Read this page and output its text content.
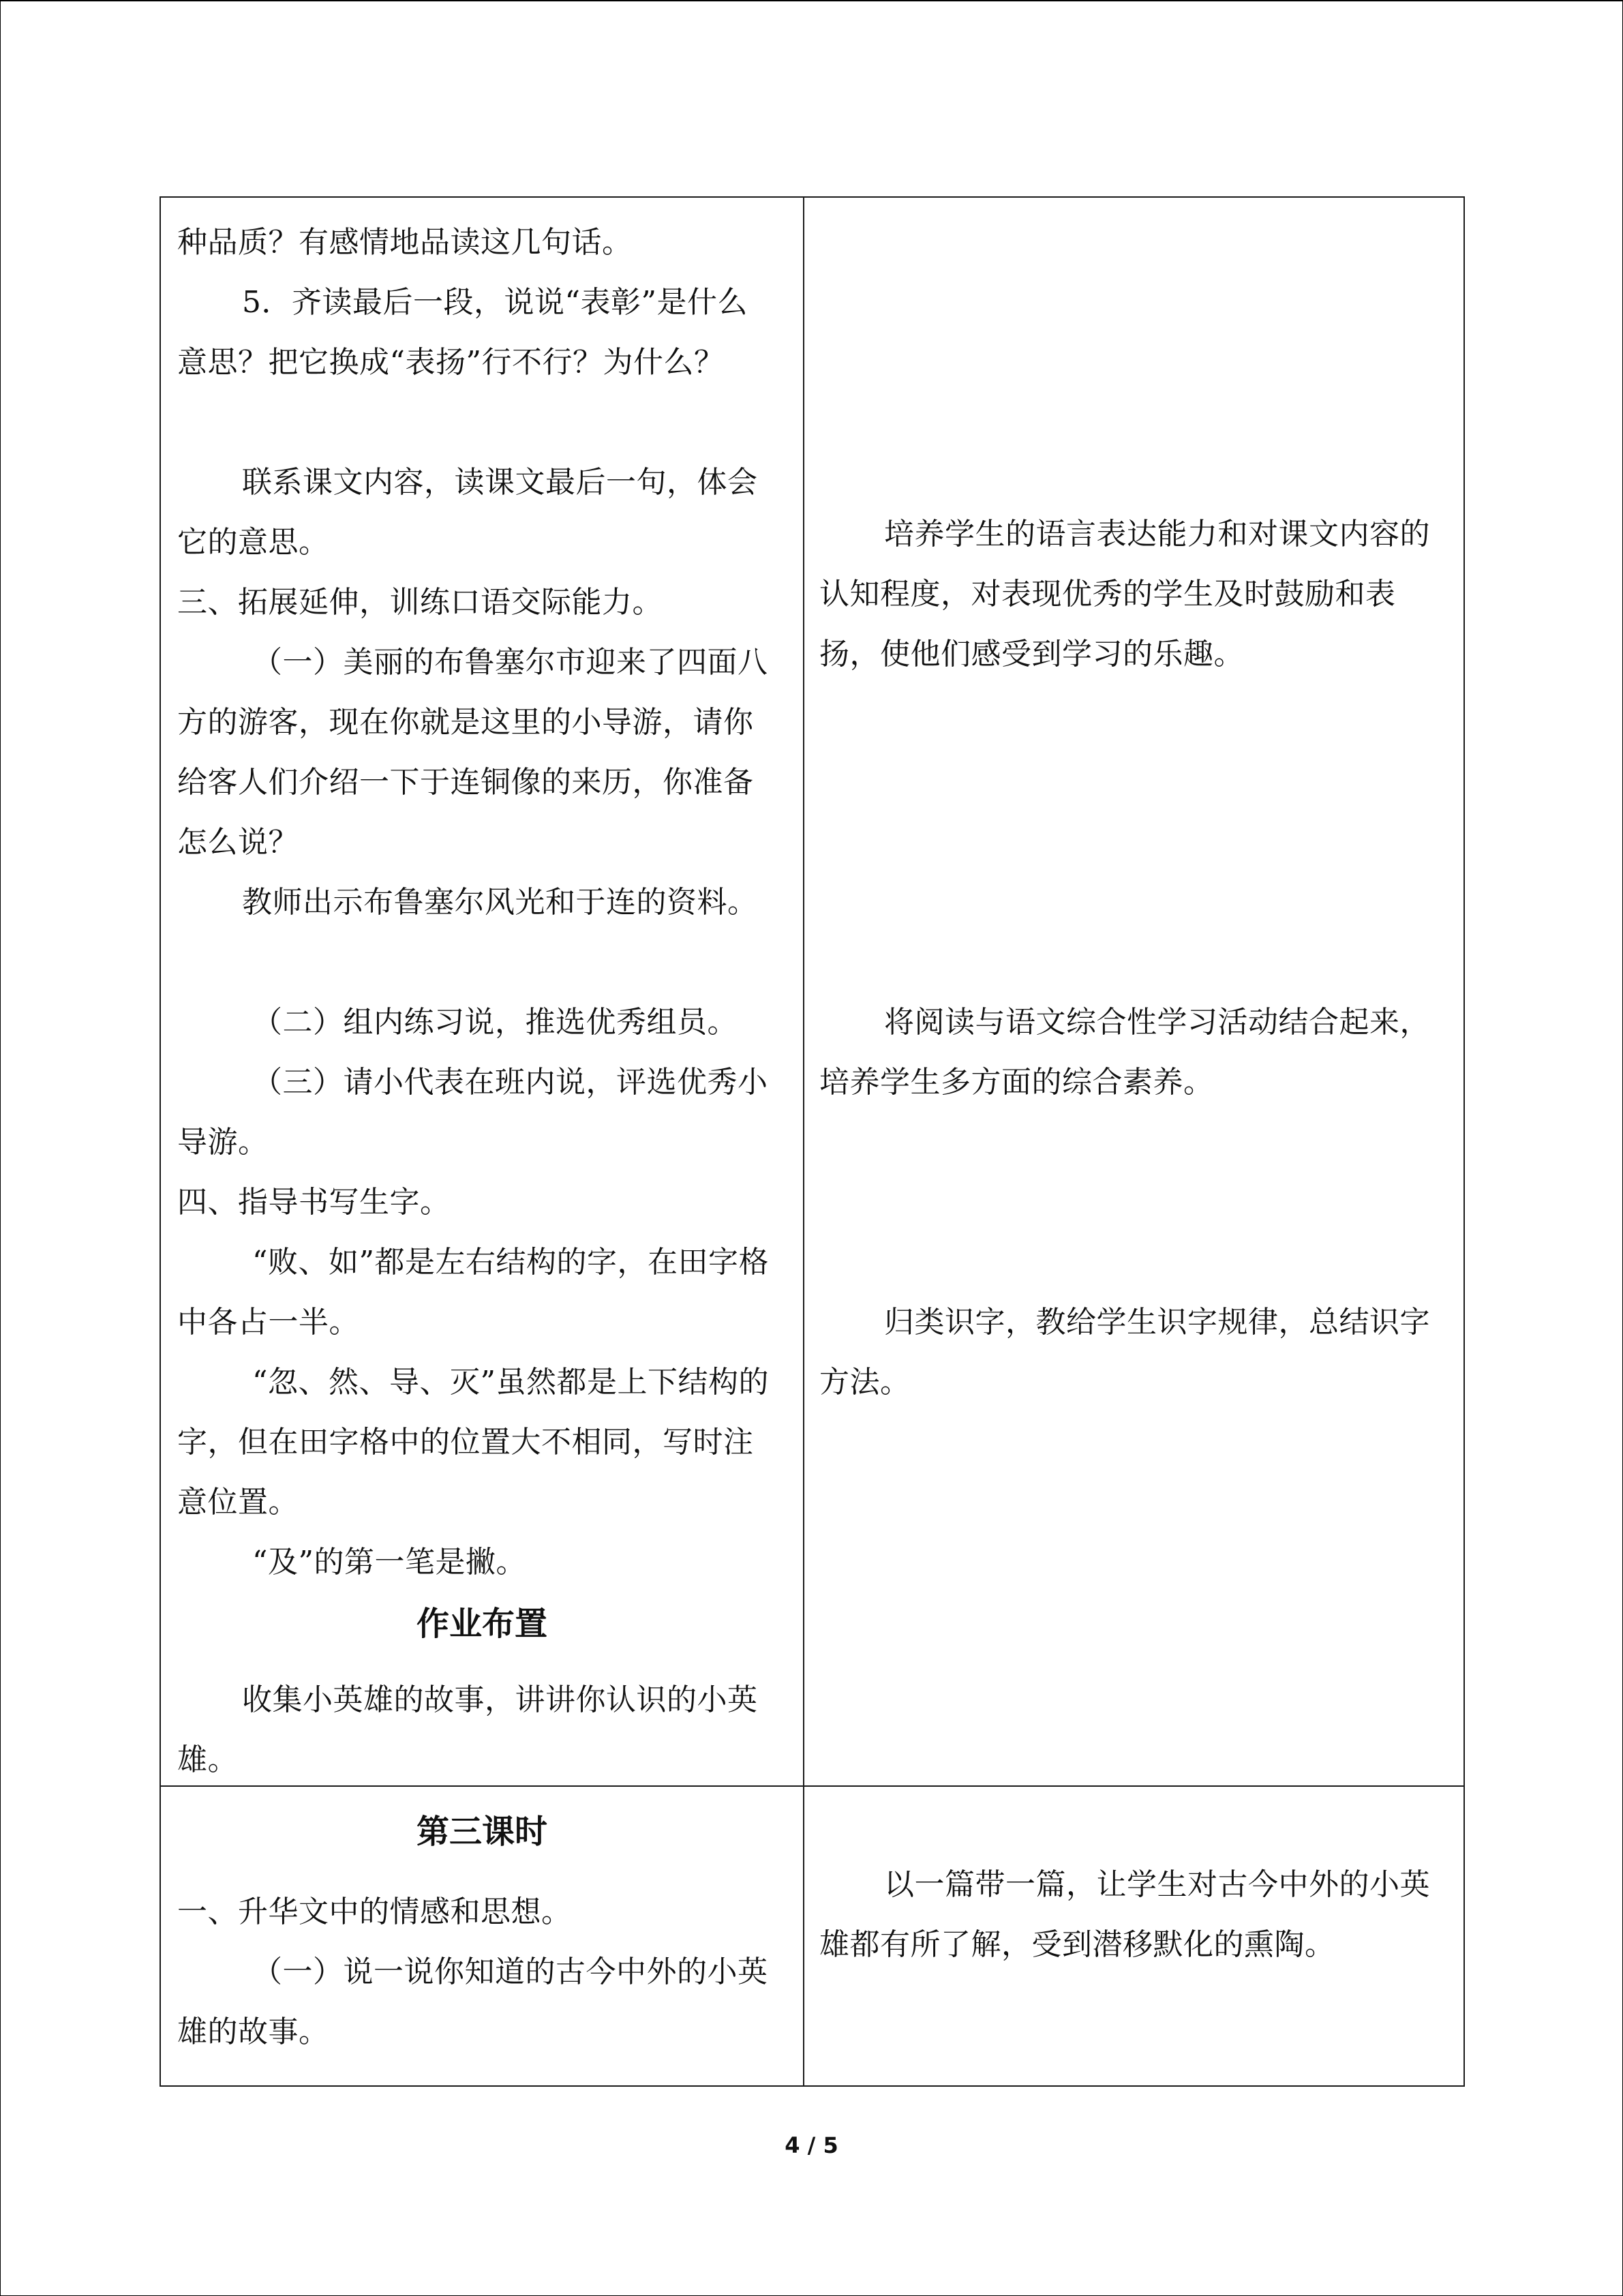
种品质？有感情地品读这几句话。

5．齐读最后一段，说说“表彰”是什么意思？把它换成“表扬”行不行？为什么？

联系课文内容，读课文最后一句，体会它的意思。

三、拓展延伸，训练口语交际能力。

（一）美丽的布鲁塞尔市迎来了四面八方的游客，现在你就是这里的小导游，请你给客人们介绍一下于连铜像的来历，你准备怎么说？

教师出示布鲁塞尔风光和于连的资料。

（二）组内练习说，推选优秀组员。

（三）请小代表在班内说，评选优秀小导游。

四、指导书写生字。

“败、如”都是左右结构的字，在田字格中各占一半。

“忽、然、导、灭”虽然都是上下结构的字，但在田字格中的位置大不相同，写时注意位置。

“及”的第一笔是撇。

作业布置

收集小英雄的故事，讲讲你认识的小英雄。

培养学生的语言表达能力和对课文内容的认知程度，对表现优秀的学生及时鼓励和表扬，使他们感受到学习的乐趣。

将阅读与语文综合性学习活动结合起来，培养学生多方面的综合素养。

归类识字，教给学生识字规律，总结识字方法。

第三课时

一、升华文中的情感和思想。

（一）说一说你知道的古今中外的小英雄的故事。

以一篇带一篇，让学生对古今中外的小英雄都有所了解，受到潜移默化的熏陶。

4 / 5
